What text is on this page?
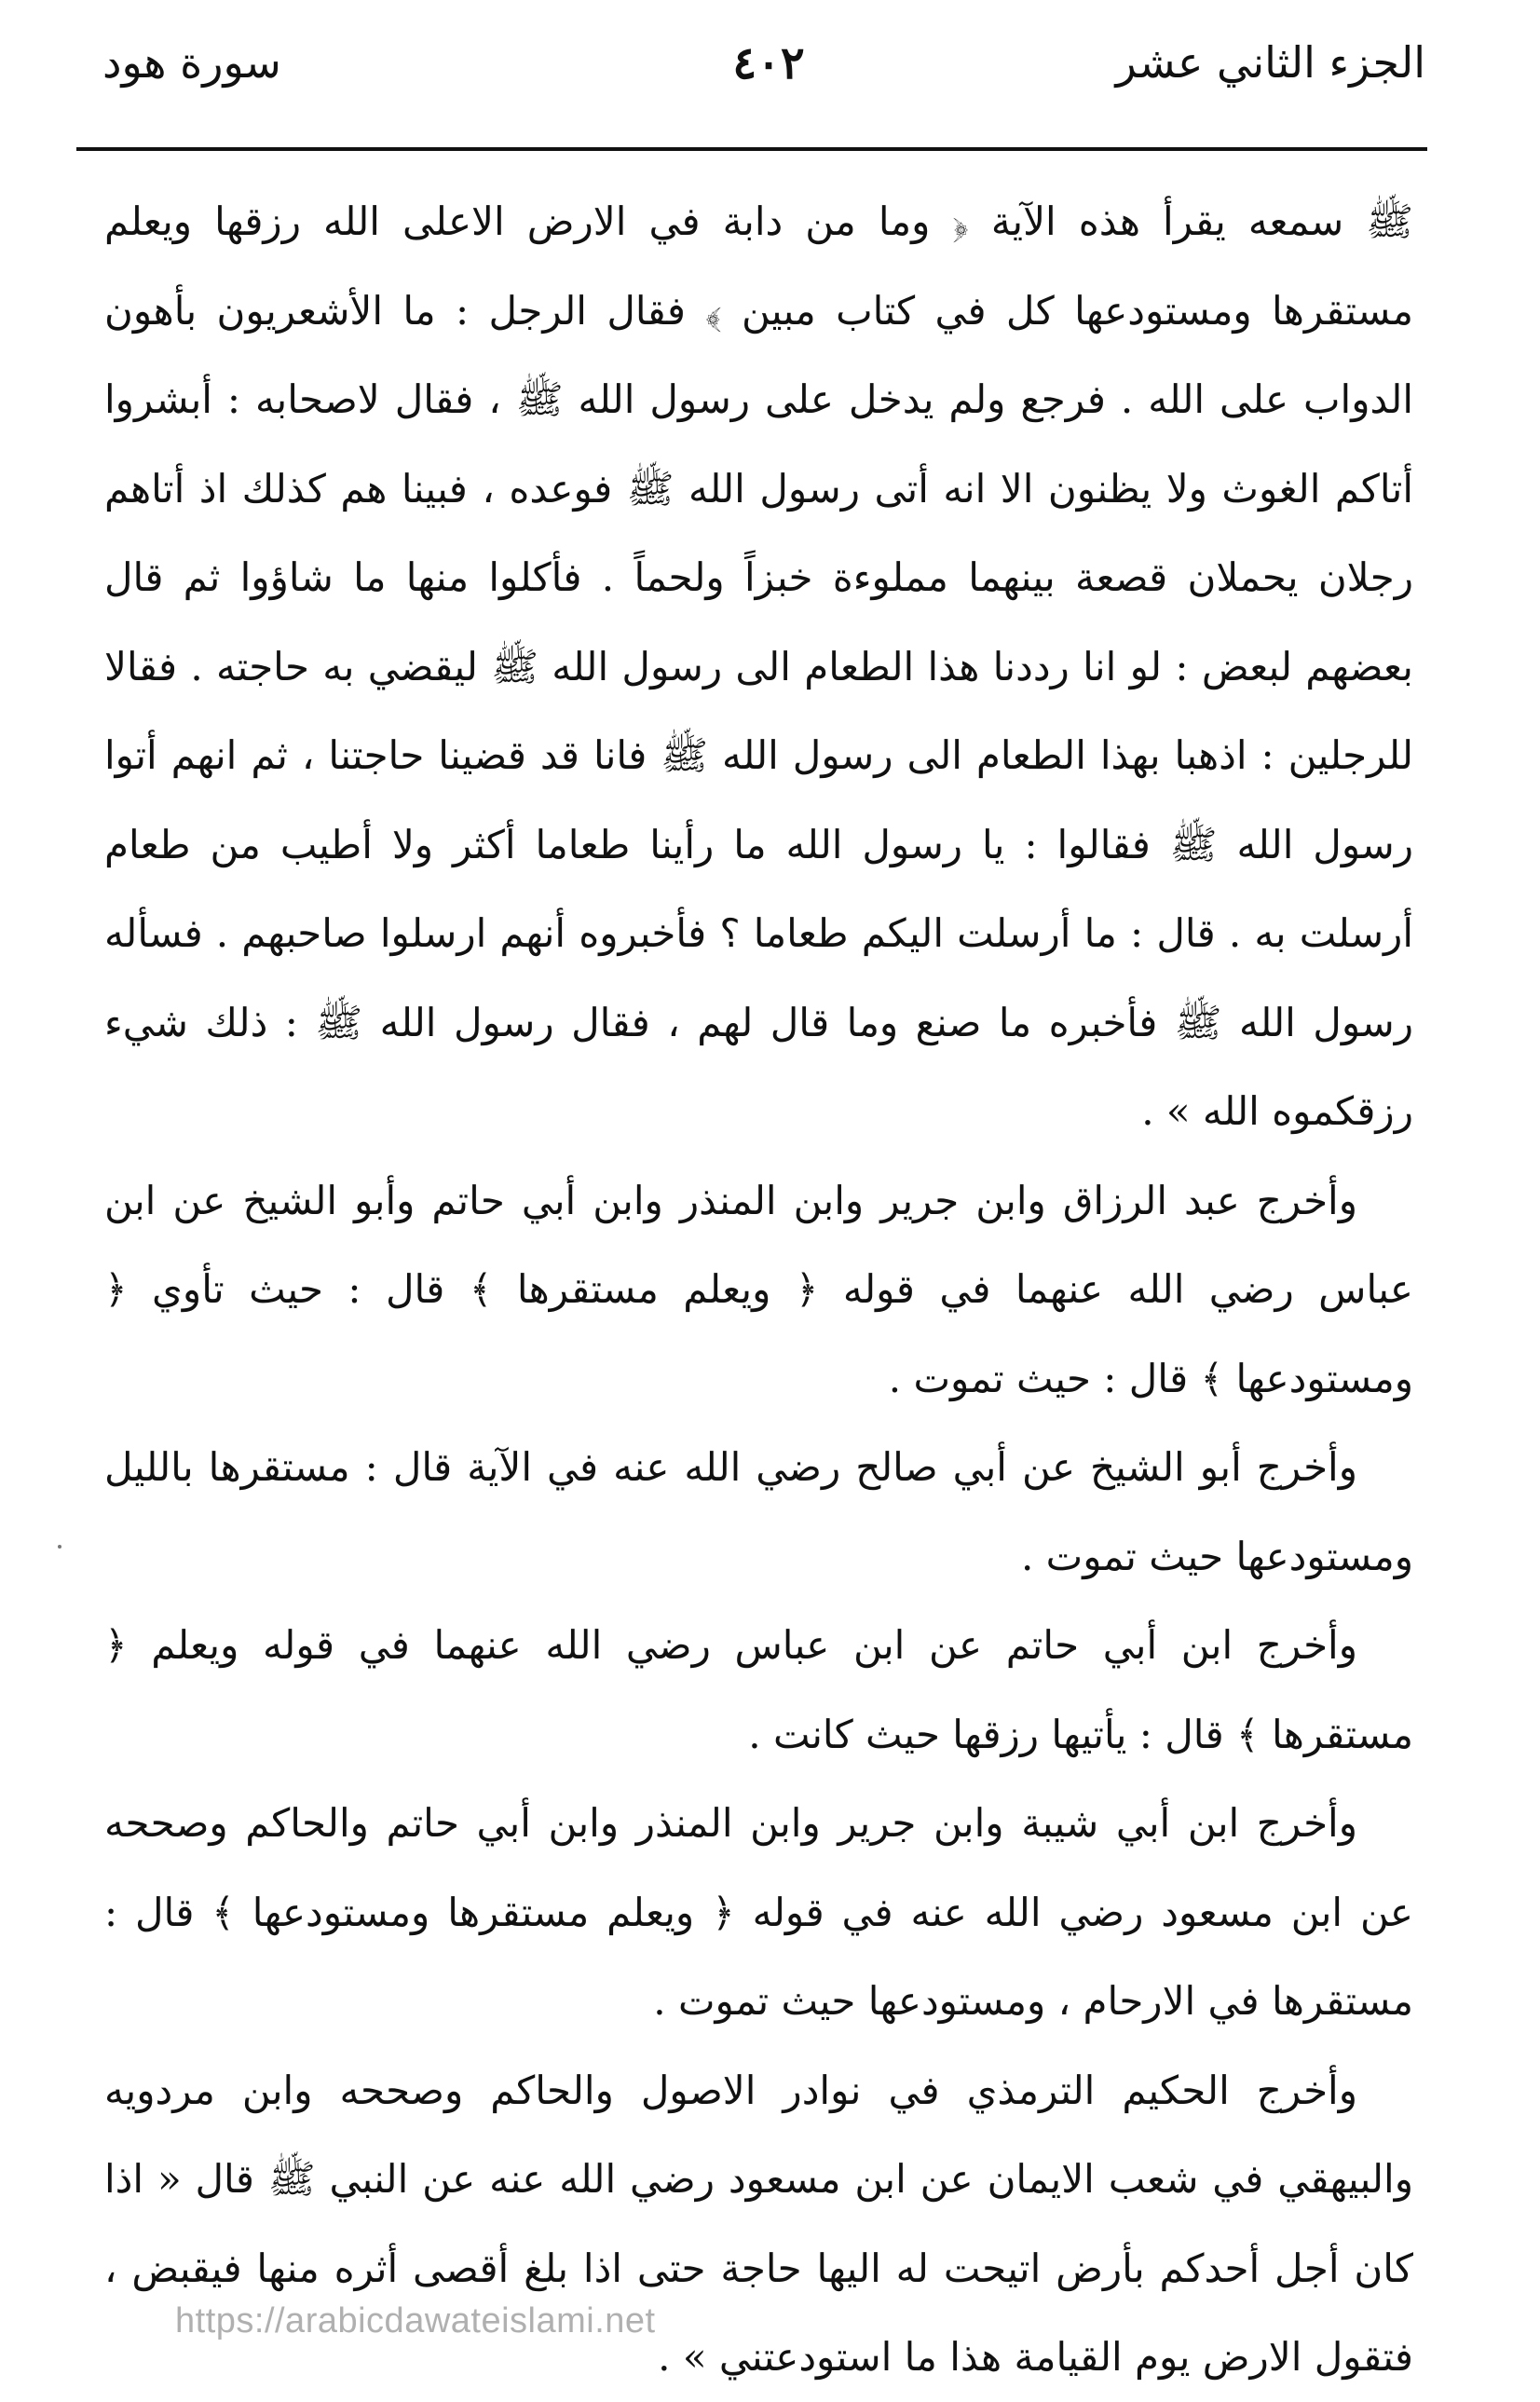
الجزء الثاني عشر
٤٠٢
سورة هود

ﷺ سمعه يقرأ هذه الآية ﴿ وما من دابة في الارض الاعلى الله رزقها ويعلم مستقرها ومستودعها كل في كتاب مبين ﴾ فقال الرجل : ما الأشعريون بأهون الدواب على الله . فرجع ولم يدخل على رسول الله ﷺ ، فقال لاصحابه : أبشروا أتاكم الغوث ولا يظنون الا انه أتى رسول الله ﷺ فوعده ، فبينا هم كذلك اذ أتاهم رجلان يحملان قصعة بينهما مملوءة خبزاً ولحماً . فأكلوا منها ما شاؤوا ثم قال بعضهم لبعض : لو انا رددنا هذا الطعام الى رسول الله ﷺ ليقضي به حاجته . فقالا للرجلين : اذهبا بهذا الطعام الى رسول الله ﷺ فانا قد قضينا حاجتنا ، ثم انهم أتوا رسول الله ﷺ فقالوا : يا رسول الله ما رأينا طعاما أكثر ولا أطيب من طعام أرسلت به . قال : ما أرسلت اليكم طعاما ؟ فأخبروه أنهم ارسلوا صاحبهم . فسأله رسول الله ﷺ فأخبره ما صنع وما قال لهم ، فقال رسول الله ﷺ : ذلك شيء رزقكموه الله » .

وأخرج عبد الرزاق وابن جرير وابن المنذر وابن أبي حاتم وأبو الشيخ عن ابن عباس رضي الله عنهما في قوله ﴿ ويعلم مستقرها ﴾ قال : حيث تأوي ﴿ ومستودعها ﴾ قال : حيث تموت .

وأخرج أبو الشيخ عن أبي صالح رضي الله عنه في الآية قال : مستقرها بالليل ومستودعها حيث تموت .

وأخرج ابن أبي حاتم عن ابن عباس رضي الله عنهما في قوله ويعلم ﴿ مستقرها ﴾ قال : يأتيها رزقها حيث كانت .

وأخرج ابن أبي شيبة وابن جرير وابن المنذر وابن أبي حاتم والحاكم وصححه عن ابن مسعود رضي الله عنه في قوله ﴿ ويعلم مستقرها ومستودعها ﴾ قال : مستقرها في الارحام ، ومستودعها حيث تموت .

وأخرج الحكيم الترمذي في نوادر الاصول والحاكم وصححه وابن مردويه والبيهقي في شعب الايمان عن ابن مسعود رضي الله عنه عن النبي ﷺ قال « اذا كان أجل أحدكم بأرض اتيحت له اليها حاجة حتى اذا بلغ أقصى أثره منها فيقبض ، فتقول الارض يوم القيامة هذا ما استودعتني » .

https://arabicdawateislami.net
